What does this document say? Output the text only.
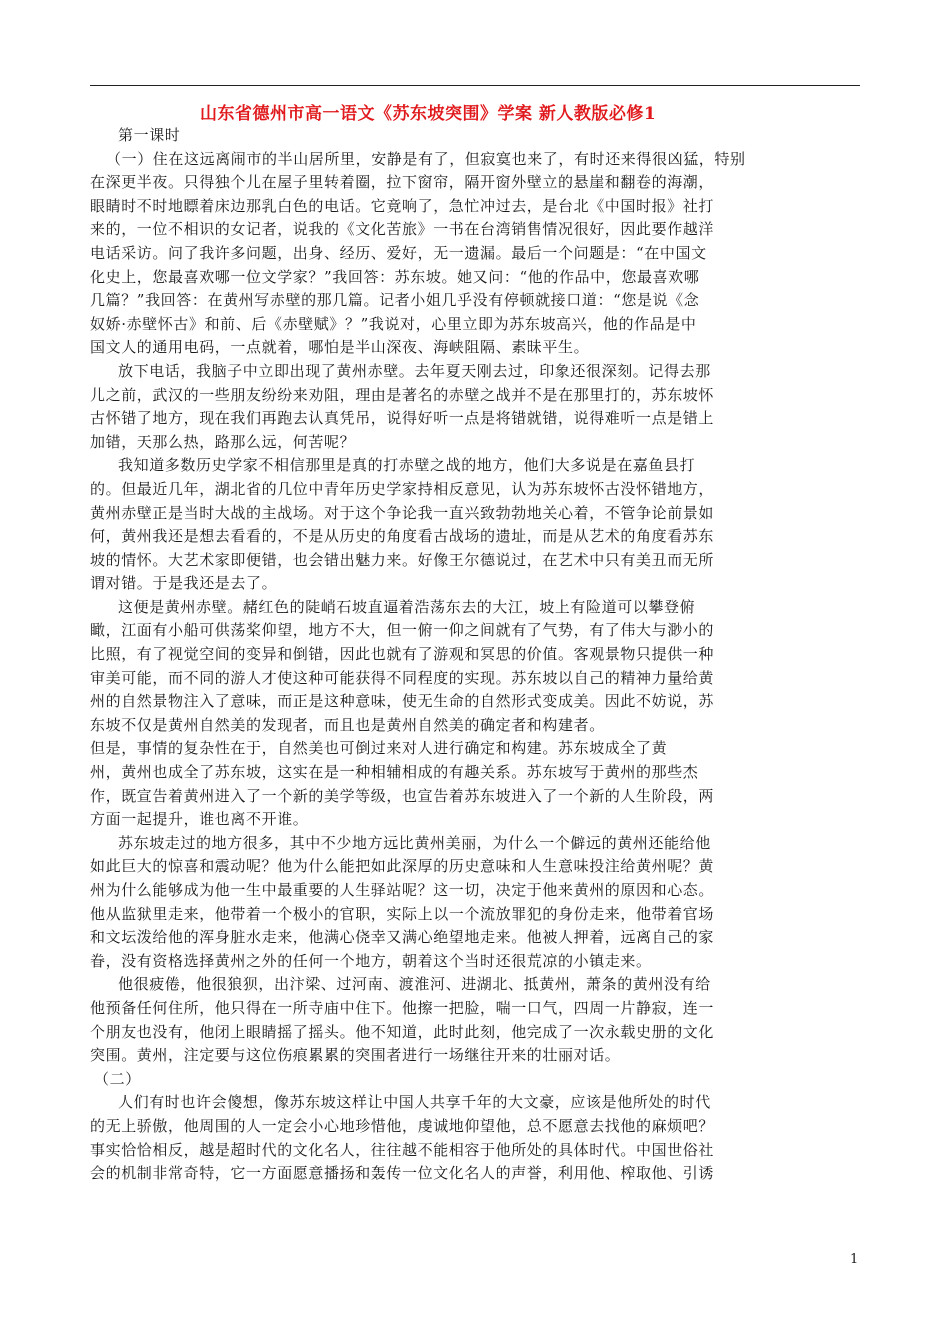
山东省德州市高一语文《苏东坡突围》学案 新人教版必修1
第一课时
（一）住在这远离闹市的半山居所里，安静是有了，但寂寞也来了，有时还来得很凶猛，特别
在深更半夜。只得独个儿在屋子里转着圈，拉下窗帘，隔开窗外壁立的悬崖和翻卷的海潮，
眼睛时不时地瞟着床边那乳白色的电话。它竟响了，急忙冲过去，是台北《中国时报》社打
来的，一位不相识的女记者，说我的《文化苦旅》一书在台湾销售情况很好，因此要作越洋
电话采访。问了我许多问题，出身、经历、爱好，无一遗漏。最后一个问题是：“在中国文
化史上，您最喜欢哪一位文学家？”我回答：苏东坡。她又问：“他的作品中，您最喜欢哪
几篇？”我回答：在黄州写赤壁的那几篇。记者小姐几乎没有停顿就接口道：“您是说《念
奴娇·赤壁怀古》和前、后《赤壁赋》？”我说对，心里立即为苏东坡高兴，他的作品是中
国文人的通用电码，一点就着，哪怕是半山深夜、海峡阻隔、素昧平生。
放下电话，我脑子中立即出现了黄州赤壁。去年夏天刚去过，印象还很深刻。记得去那
儿之前，武汉的一些朋友纷纷来劝阻，理由是著名的赤壁之战并不是在那里打的，苏东坡怀
古怀错了地方，现在我们再跑去认真凭吊，说得好听一点是将错就错，说得难听一点是错上
加错，天那么热，路那么远，何苦呢？
我知道多数历史学家不相信那里是真的打赤壁之战的地方，他们大多说是在嘉鱼县打
的。但最近几年，湖北省的几位中青年历史学家持相反意见，认为苏东坡怀古没怀错地方，
黄州赤壁正是当时大战的主战场。对于这个争论我一直兴致勃勃地关心着，不管争论前景如
何，黄州我还是想去看看的，不是从历史的角度看古战场的遗址，而是从艺术的角度看苏东
坡的情怀。大艺术家即便错，也会错出魅力来。好像王尔德说过，在艺术中只有美丑而无所
谓对错。于是我还是去了。
这便是黄州赤壁。赭红色的陡峭石坡直逼着浩荡东去的大江，坡上有险道可以攀登俯
瞰，江面有小船可供荡桨仰望，地方不大，但一俯一仰之间就有了气势，有了伟大与渺小的
比照，有了视觉空间的变异和倒错，因此也就有了游观和冥思的价值。客观景物只提供一种
审美可能，而不同的游人才使这种可能获得不同程度的实现。苏东坡以自己的精神力量给黄
州的自然景物注入了意味，而正是这种意味，使无生命的自然形式变成美。因此不妨说，苏
东坡不仅是黄州自然美的发现者，而且也是黄州自然美的确定者和构建者。
但是，事情的复杂性在于，自然美也可倒过来对人进行确定和构建。苏东坡成全了黄
州，黄州也成全了苏东坡，这实在是一种相辅相成的有趣关系。苏东坡写于黄州的那些杰
作，既宣告着黄州进入了一个新的美学等级，也宣告着苏东坡进入了一个新的人生阶段，两
方面一起提升，谁也离不开谁。
苏东坡走过的地方很多，其中不少地方远比黄州美丽，为什么一个僻远的黄州还能给他
如此巨大的惊喜和震动呢？他为什么能把如此深厚的历史意味和人生意味投注给黄州呢？黄
州为什么能够成为他一生中最重要的人生驿站呢？这一切，决定于他来黄州的原因和心态。
他从监狱里走来，他带着一个极小的官职，实际上以一个流放罪犯的身份走来，他带着官场
和文坛泼给他的浑身脏水走来，他满心侥幸又满心绝望地走来。他被人押着，远离自己的家
眷，没有资格选择黄州之外的任何一个地方，朝着这个当时还很荒凉的小镇走来。
他很疲倦，他很狼狈，出汴梁、过河南、渡淮河、进湖北、抵黄州，萧条的黄州没有给
他预备任何住所，他只得在一所寺庙中住下。他擦一把脸，喘一口气，四周一片静寂，连一
个朋友也没有，他闭上眼睛摇了摇头。他不知道，此时此刻，他完成了一次永载史册的文化
突围。黄州，注定要与这位伤痕累累的突围者进行一场继往开来的壮丽对话。
（二）
人们有时也许会傻想，像苏东坡这样让中国人共享千年的大文豪，应该是他所处的时代
的无上骄傲，他周围的人一定会小心地珍惜他，虔诚地仰望他，总不愿意去找他的麻烦吧？
事实恰恰相反，越是超时代的文化名人，往往越不能相容于他所处的具体时代。中国世俗社
会的机制非常奇特，它一方面愿意播扬和轰传一位文化名人的声誉，利用他、榨取他、引诱
1
